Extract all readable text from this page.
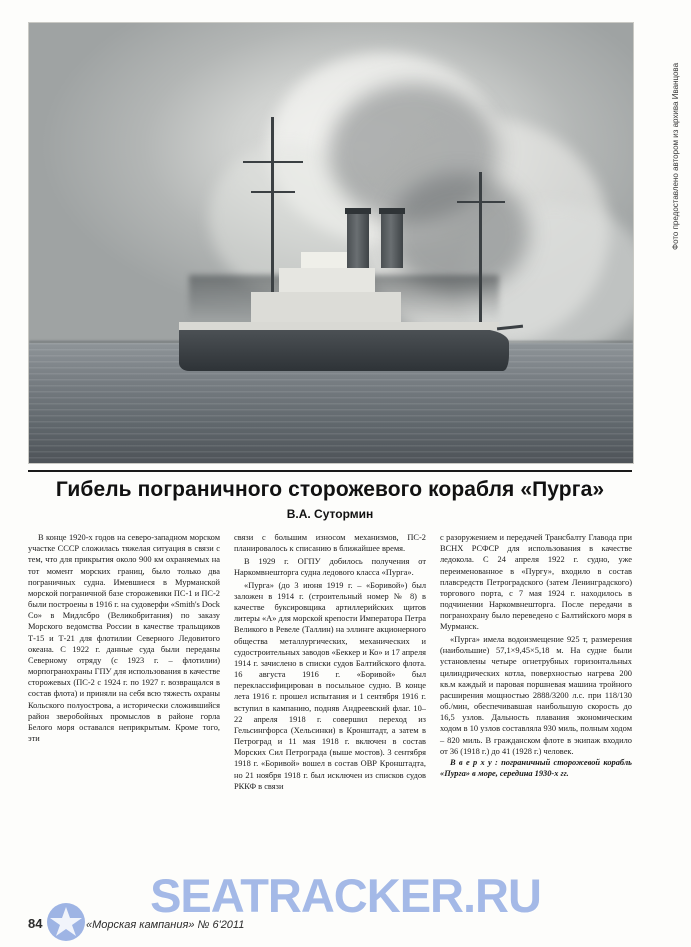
Фото предоставлено автором из архива Иванцова
Гибель пограничного сторожевого корабля «Пурга»
В.А. Сутормин

В конце 1920-х годов на северо-западном морском участке СССР сложилась тяжелая ситуация в связи с тем, что для прикрытия около 900 км охраняемых на тот момент морских границ, было только два пограничных судна. Имевшиеся в Мурманской морской пограничной базе сторожевики ПС-1 и ПС-2 были построены в 1916 г. на судоверфи «Smith's Dock Co» в Мидлсбро (Великобритания) по заказу Морского ведомства России в качестве тральщиков Т-15 и Т-21 для флотилии Северного Ледовитого океана. С 1922 г. данные суда были переданы Северному отряду (с 1923 г. – флотилии) морпогранохраны ГПУ для использования в качестве сторожевых (ПС-2 с 1924 г. по 1927 г. возвращался в состав флота) и приняли на себя всю тяжесть охраны Кольского полуострова, а исторически сложившийся район зверобойных промыслов в районе горла Белого моря оставался неприкрытым. Кроме того, эти

связи с большим износом механизмов, ПС-2 планировалось к списанию в ближайшее время.

В 1929 г. ОГПУ добилось получения от Наркомвнешторга судна ледового класса «Пурга».

«Пурга» (до 3 июня 1919 г. – «Боривой») был заложен в 1914 г. (строительный номер № 8) в качестве буксировщика артиллерийских щитов литеры «А» для морской крепости Императора Петра Великого в Ревеле (Таллин) на эллинге акционерного общества металлургических, механических и судостроительных заводов «Беккер и Ко» и 17 апреля 1914 г. зачислено в списки судов Балтийского флота. 16 августа 1916 г. «Боривой» был переклассифицирован в посыльное судно. В конце лета 1916 г. прошел испытания и 1 сентября 1916 г. вступил в кампанию, подняв Андреевский флаг. 10–22 апреля 1918 г. совершил переход из Гельсингфорса (Хельсинки) в Кронштадт, а затем в Петроград и 11 мая 1918 г. включен в состав Морских Сил Петрограда (выше мостов). 3 сентября 1918 г. «Боривой» вошел в состав ОВР Кронштадта, но 21 ноября 1918 г. был исключен из списков судов РККФ в связи

с разоружением и передачей Трансбалту Главода при ВСНХ РСФСР для использования в качестве ледокола. С 24 апреля 1922 г. судно, уже переименованное в «Пургу», входило в состав плавсредств Петроградского (затем Ленинградского) торгового порта, с 7 мая 1924 г. находилось в подчинении Наркомвнешторга. После передачи в погранохрану было переведено с Балтийского моря в Мурманск.

«Пурга» имела водоизмещение 925 т, размерения (наибольшие) 57,1×9,45×5,18 м. На судне были установлены четыре огнетрубных горизонтальных цилиндрических котла, поверхностью нагрева 200 кв.м каждый и паровая поршневая машина тройного расширения мощностью 2888/3200 л.с. при 118/130 об./мин, обеспечивавшая наибольшую скорость до 16,5 узлов. Дальность плавания экономическим ходом в 10 узлов составляла 930 миль, полным ходом – 820 миль. В гражданском флоте в экипаж входило от 36 (1918 г.) до 41 (1928 г.) человек.

В в е р х у : пограничный сторожевой корабль «Пурга» в море, середина 1930-х гг.

84	«Морская кампания» № 6'2011
SEATRACKER.RU
